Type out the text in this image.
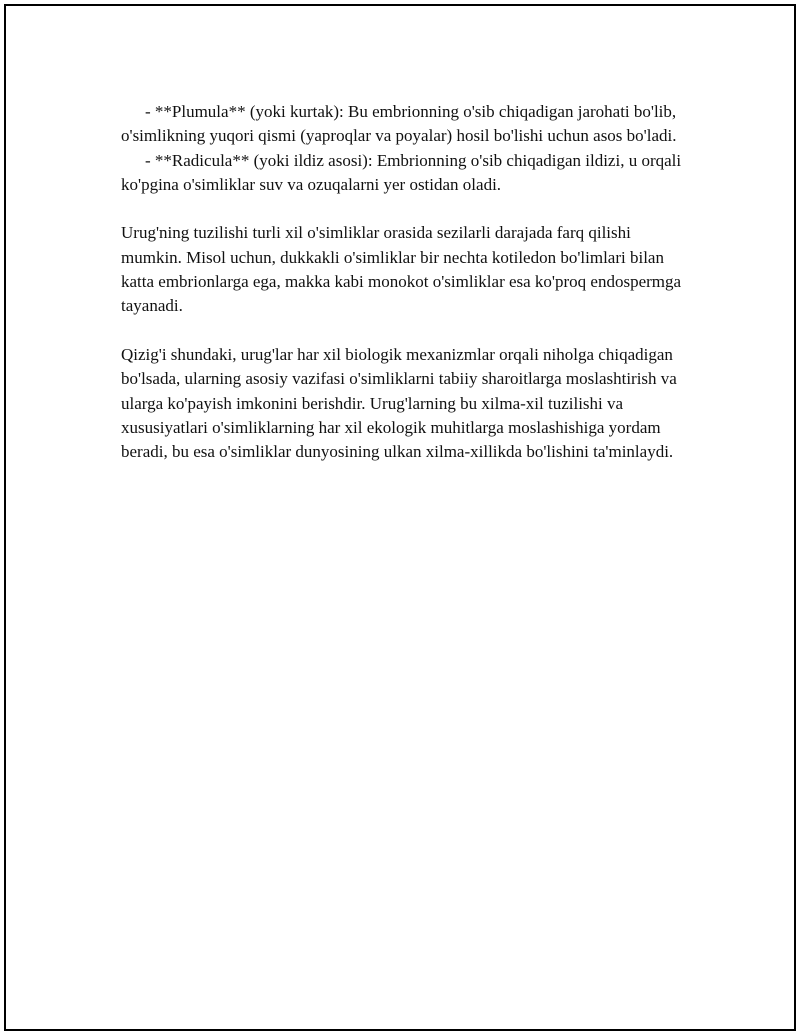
- **Plumula** (yoki kurtak): Bu embrionning o'sib chiqadigan jarohati bo'lib, o'simlikning yuqori qismi (yaproqlar va poyalar) hosil bo'lishi uchun asos bo'ladi.

- **Radicula** (yoki ildiz asosi): Embrionning o'sib chiqadigan ildizi, u orqali ko'pgina o'simliklar suv va ozuqalarni yer ostidan oladi.

Urug'ning tuzilishi turli xil o'simliklar orasida sezilarli darajada farq qilishi mumkin. Misol uchun, dukkakli o'simliklar bir nechta kotiledon bo'limlari bilan katta embrionlarga ega, makka kabi monokot o'simliklar esa ko'proq endospermga tayanadi.

Qizig'i shundaki, urug'lar har xil biologik mexanizmlar orqali niholga chiqadigan bo'lsada, ularning asosiy vazifasi o'simliklarni tabiiy sharoitlarga moslashtirish va ularga ko'payish imkonini berishdir. Urug'larning bu xilma-xil tuzilishi va xususiyatlari o'simliklarning har xil ekologik muhitlarga moslashishiga yordam beradi, bu esa o'simliklar dunyosining ulkan xilma-xillikda bo'lishini ta'minlaydi.
